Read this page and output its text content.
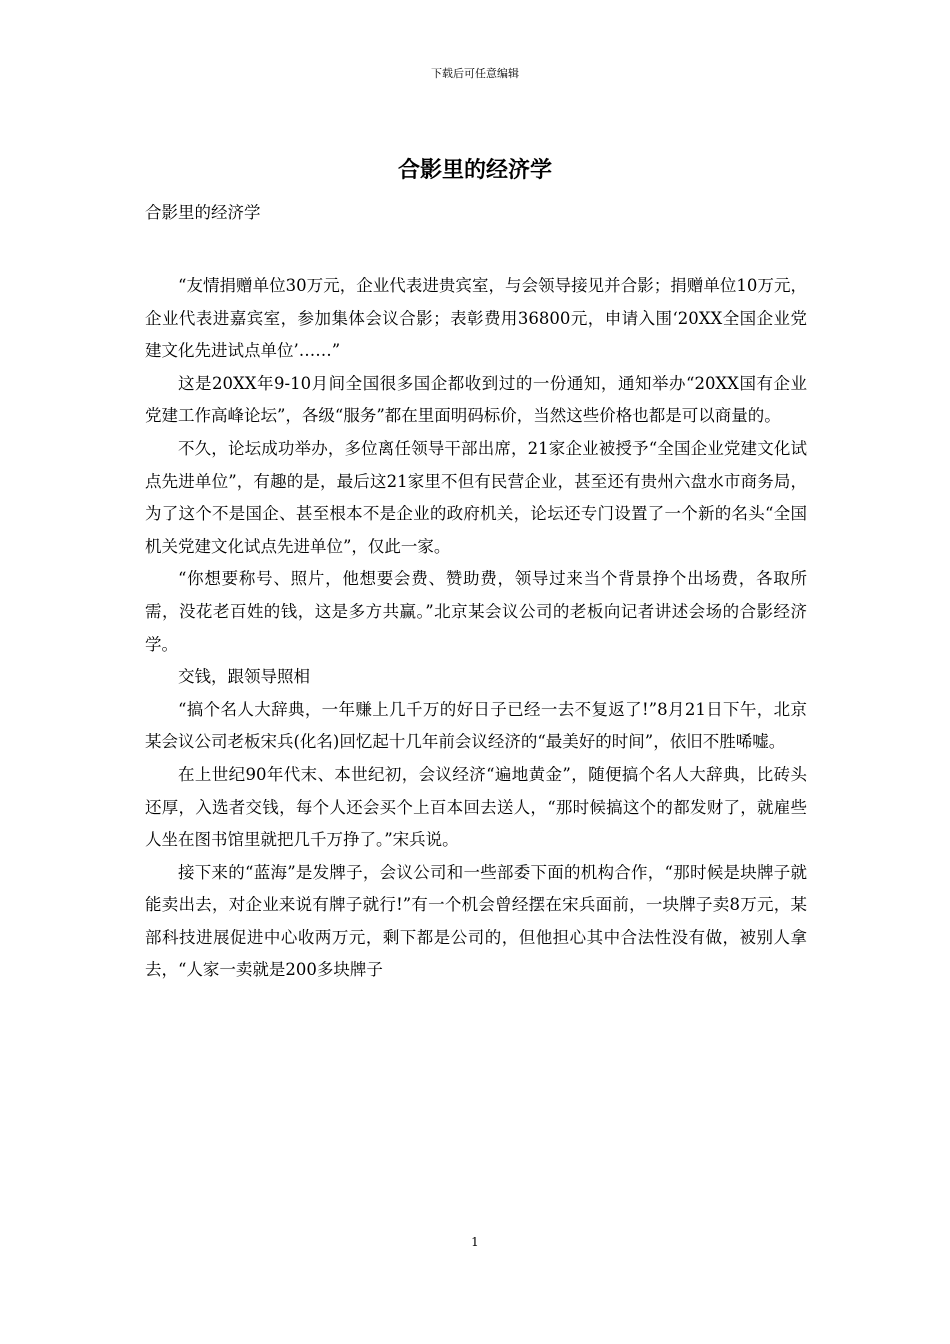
下载后可任意编辑
合影里的经济学
合影里的经济学

“友情捐赠单位30万元，企业代表进贵宾室，与会领导接见并合影；捐赠单位10万元，企业代表进嘉宾室，参加集体会议合影；表彰费用36800元，申请入围‘20XX全国企业党建文化先进试点单位’……”

这是20XX年9-10月间全国很多国企都收到过的一份通知，通知举办“20XX国有企业党建工作高峰论坛”，各级“服务”都在里面明码标价，当然这些价格也都是可以商量的。

不久，论坛成功举办，多位离任领导干部出席，21家企业被授予“全国企业党建文化试点先进单位”，有趣的是，最后这21家里不但有民营企业，甚至还有贵州六盘水市商务局，为了这个不是国企、甚至根本不是企业的政府机关，论坛还专门设置了一个新的名头“全国机关党建文化试点先进单位”，仅此一家。

“你想要称号、照片，他想要会费、赞助费，领导过来当个背景挣个出场费，各取所需，没花老百姓的钱，这是多方共赢。”北京某会议公司的老板向记者讲述会场的合影经济学。

交钱，跟领导照相

“搞个名人大辞典，一年赚上几千万的好日子已经一去不复返了!”8月21日下午，北京某会议公司老板宋兵(化名)回忆起十几年前会议经济的“最美好的时间”，依旧不胜唏嘘。

在上世纪90年代末、本世纪初，会议经济“遍地黄金”，随便搞个名人大辞典，比砖头还厚，入选者交钱，每个人还会买个上百本回去送人，“那时候搞这个的都发财了，就雇些人坐在图书馆里就把几千万挣了。”宋兵说。

接下来的“蓝海”是发牌子，会议公司和一些部委下面的机构合作，“那时候是块牌子就能卖出去，对企业来说有牌子就行!”有一个机会曾经摆在宋兵面前，一块牌子卖8万元，某部科技进展促进中心收两万元，剩下都是公司的，但他担心其中合法性没有做，被别人拿去，“人家一卖就是200多块牌子

1
